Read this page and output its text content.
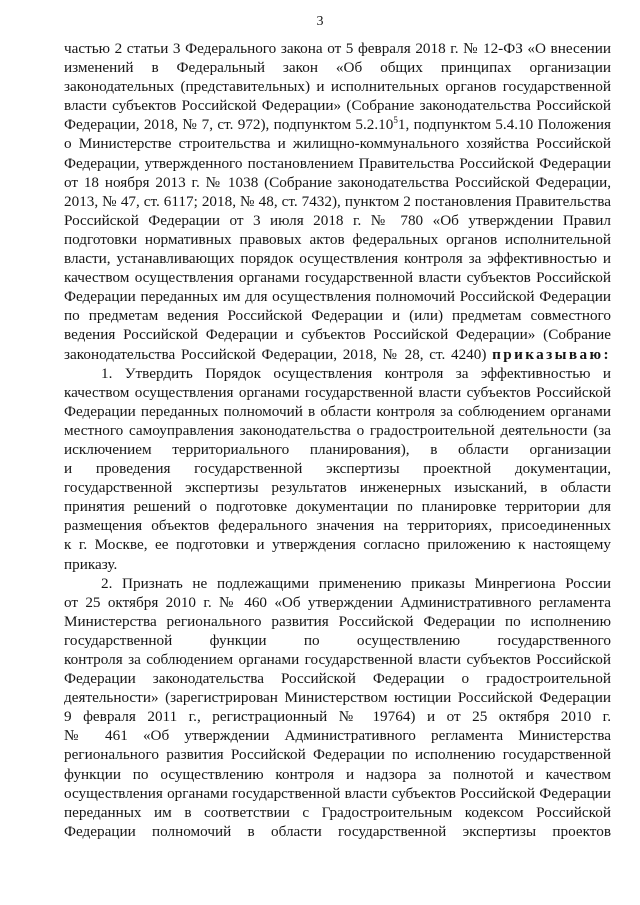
3
частью 2 статьи 3 Федерального закона от 5 февраля 2018 г. № 12-ФЗ «О внесении
изменений в Федеральный закон «Об общих принципах организации
законодательных (представительных) и исполнительных органов государственной
власти субъектов Российской Федерации» (Собрание законодательства Российской
Федерации, 2018, № 7, ст. 972), подпунктом 5.2.10$^5$1, подпунктом 5.4.10 Положения
о Министерстве строительства и жилищно-коммунального хозяйства Российской
Федерации, утвержденного постановлением Правительства Российской Федерации
от 18 ноября 2013 г. № 1038 (Собрание законодательства Российской Федерации,
2013, № 47, ст. 6117; 2018, № 48, ст. 7432), пунктом 2 постановления Правительства
Российской Федерации от 3 июля 2018 г. № 780 «Об утверждении Правил
подготовки нормативных правовых актов федеральных органов исполнительной
власти, устанавливающих порядок осуществления контроля за эффективностью и
качеством осуществления органами государственной власти субъектов Российской
Федерации переданных им для осуществления полномочий Российской Федерации
по предметам ведения Российской Федерации и (или) предметам совместного
ведения Российской Федерации и субъектов Российской Федерации» (Собрание
законодательства Российской Федерации, 2018, № 28, ст. 4240) приказываю:
1. Утвердить Порядок осуществления контроля за эффективностью и
качеством осуществления органами государственной власти субъектов Российской
Федерации переданных полномочий в области контроля за соблюдением органами
местного самоуправления законодательства о градостроительной деятельности (за
исключением территориального планирования), в области организации
и проведения государственной экспертизы проектной документации,
государственной экспертизы результатов инженерных изысканий, в области
принятия решений о подготовке документации по планировке территории для
размещения объектов федерального значения на территориях, присоединенных
к г. Москве, ее подготовки и утверждения согласно приложению к настоящему
приказу.
2. Признать не подлежащими применению приказы Минрегиона России
от 25 октября 2010 г. № 460 «Об утверждении Административного регламента
Министерства регионального развития Российской Федерации по исполнению
государственной функции по осуществлению государственного
контроля за соблюдением органами государственной власти субъектов Российской
Федерации законодательства Российской Федерации о градостроительной
деятельности» (зарегистрирован Министерством юстиции Российской Федерации
9 февраля 2011 г., регистрационный № 19764) и от 25 октября 2010 г.
№ 461 «Об утверждении Административного регламента Министерства
регионального развития Российской Федерации по исполнению государственной
функции по осуществлению контроля и надзора за полнотой и качеством
осуществления органами государственной власти субъектов Российской Федерации
переданных им в соответствии с Градостроительным кодексом Российской
Федерации полномочий в области государственной экспертизы проектов
